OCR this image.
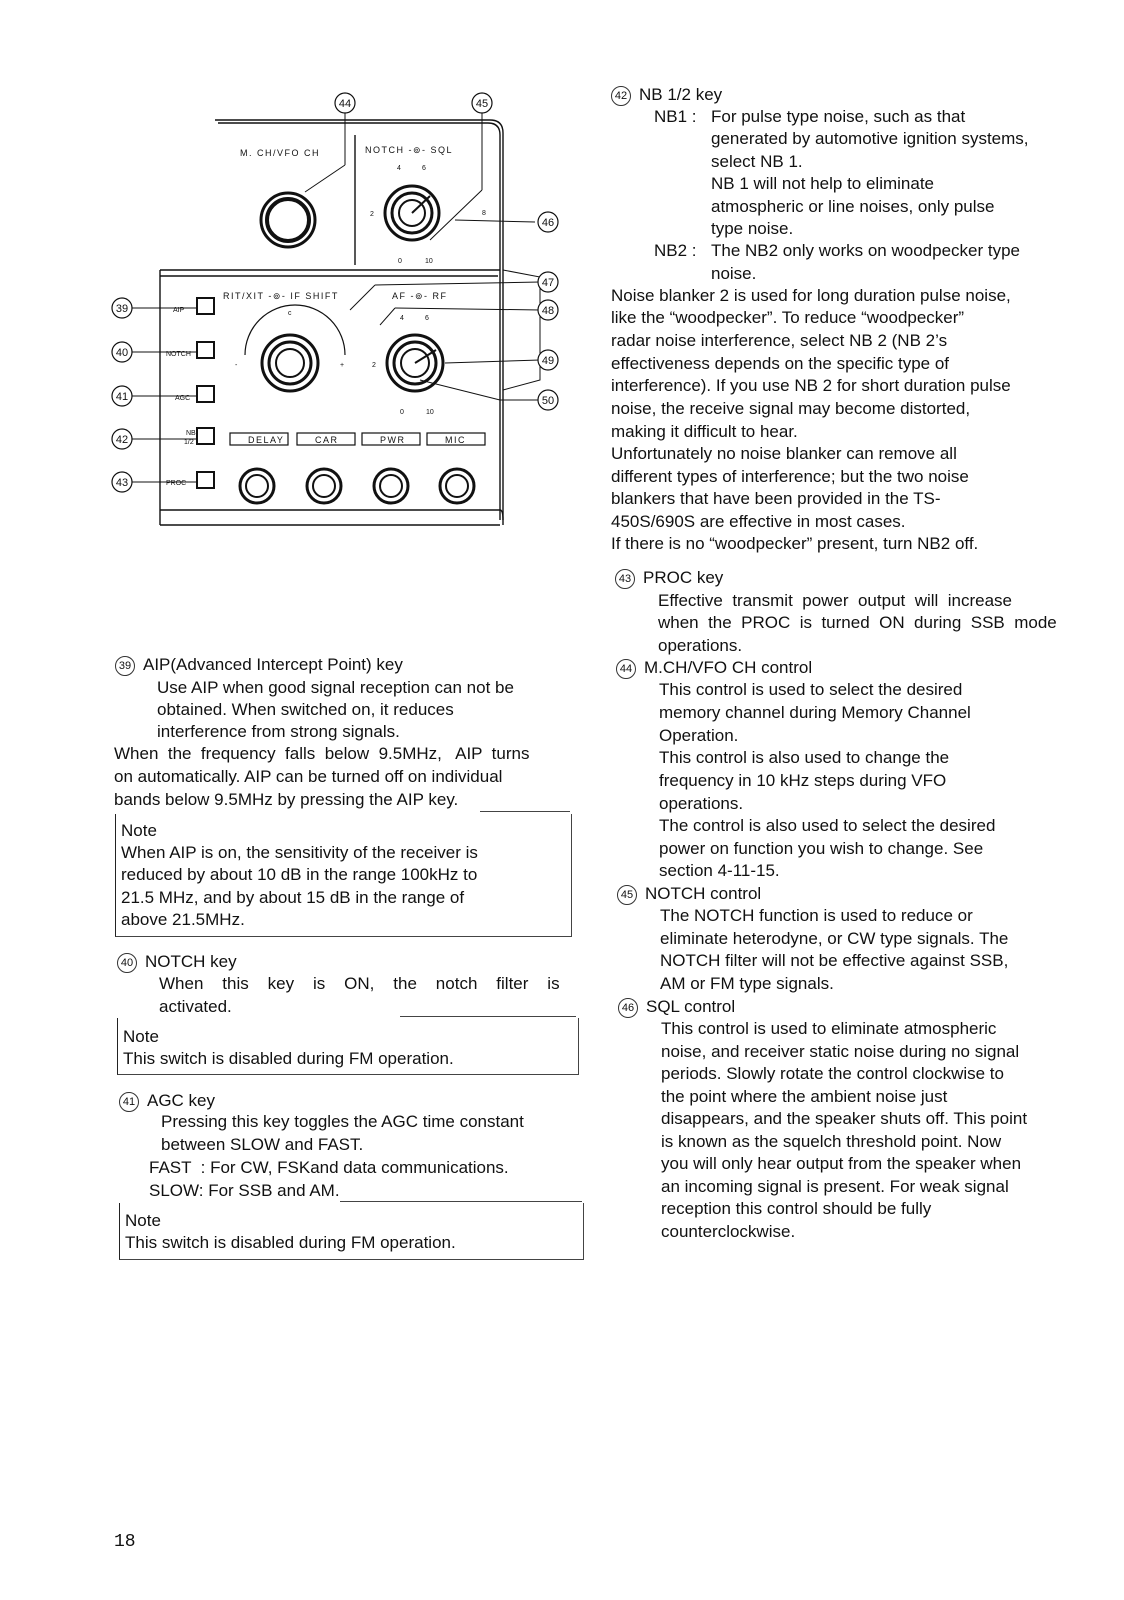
44	45
46
47
48
49
50
39
40
41
42
43
M. CH/VFO CH	NOTCH -⊚- SQL
RIT/XIT -⊚- IF SHIFT	AF -⊚- RF
DELAY	CAR	PWR	MIC
AIP
NOTCH
AGC
NB
1/2
PROC
4	6
2	8
0	10
c
-	+
4	6
2
0	10
39 AIP(Advanced Intercept Point) key
Use AIP when good signal reception can not be
obtained. When switched on, it reduces
interference from strong signals.
When  the  frequency  falls  below  9.5MHz,   AIP  turns
on automatically. AIP can be turned off on individual
bands below 9.5MHz by pressing the AIP key.
Note
When AIP is on, the sensitivity of the receiver is
reduced by about 10 dB in the range 100kHz to
21.5 MHz, and by about 15 dB in the range of
above 21.5MHz.
40 NOTCH key
When    this    key    is    ON,    the    notch    filter    is
activated.
Note
This switch is disabled during FM operation.
41 AGC key
Pressing this key toggles the AGC time constant
between SLOW and FAST.
FAST  : For CW, FSKand data communications.
SLOW: For SSB and AM.
Note
This switch is disabled during FM operation.
42 NB 1/2 key
NB1 : For pulse type noise, such as that
generated by automotive ignition systems,
select NB 1.
NB 1 will not help to eliminate
atmospheric or line noises, only pulse
type noise.
NB2 : The NB2 only works on woodpecker type
noise.
Noise blanker 2 is used for long duration pulse noise,
like the “woodpecker”. To reduce “woodpecker”
radar noise interference, select NB 2 (NB 2’s
effectiveness depends on the specific type of
interference). If you use NB 2 for short duration pulse
noise, the receive signal may become distorted,
making it difficult to hear.
Unfortunately no noise blanker can remove all
different types of interference; but the two noise
blankers that have been provided in the TS-
450S/690S are effective in most cases.
If there is no “woodpecker” present, turn NB2 off.
43 PROC key
Effective  transmit  power  output  will  increase
when  the  PROC  is  turned  ON  during  SSB  mode
operations.
44 M.CH/VFO CH control
This control is used to select the desired
memory channel during Memory Channel
Operation.
This control is also used to change the
frequency in 10 kHz steps during VFO
operations.
The control is also used to select the desired
power on function you wish to change. See
section 4-11-15.
45 NOTCH control
The NOTCH function is used to reduce or
eliminate heterodyne, or CW type signals. The
NOTCH filter will not be effective against SSB,
AM or FM type signals.
46 SQL control
This control is used to eliminate atmospheric
noise, and receiver static noise during no signal
periods. Slowly rotate the control clockwise to
the point where the ambient noise just
disappears, and the speaker shuts off. This point
is known as the squelch threshold point. Now
you will only hear output from the speaker when
an incoming signal is present. For weak signal
reception this control should be fully
counterclockwise.
18
